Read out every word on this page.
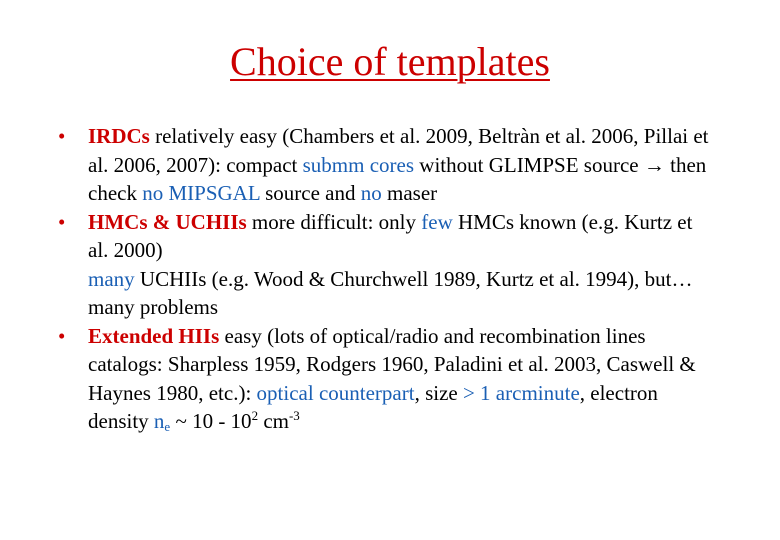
Choice of templates
•	IRDCs relatively easy (Chambers et al. 2009, Beltràn et al. 2006, Pillai et al. 2006, 2007): compact submm cores without GLIMPSE source → then check no MIPSGAL source and no maser
•	HMCs & UCHIIs more difficult: only few HMCs known (e.g. Kurtz et al. 2000)
many UCHIIs (e.g. Wood & Churchwell 1989, Kurtz et al. 1994), but… many problems
•	Extended HIIs easy (lots of optical/radio and recombination lines catalogs: Sharpless 1959, Rodgers 1960, Paladini et al. 2003, Caswell & Haynes 1980, etc.): optical counterpart, size > 1 arcminute, electron density $n_e$ ~ $10 - 10^2$ $cm^{-3}$
